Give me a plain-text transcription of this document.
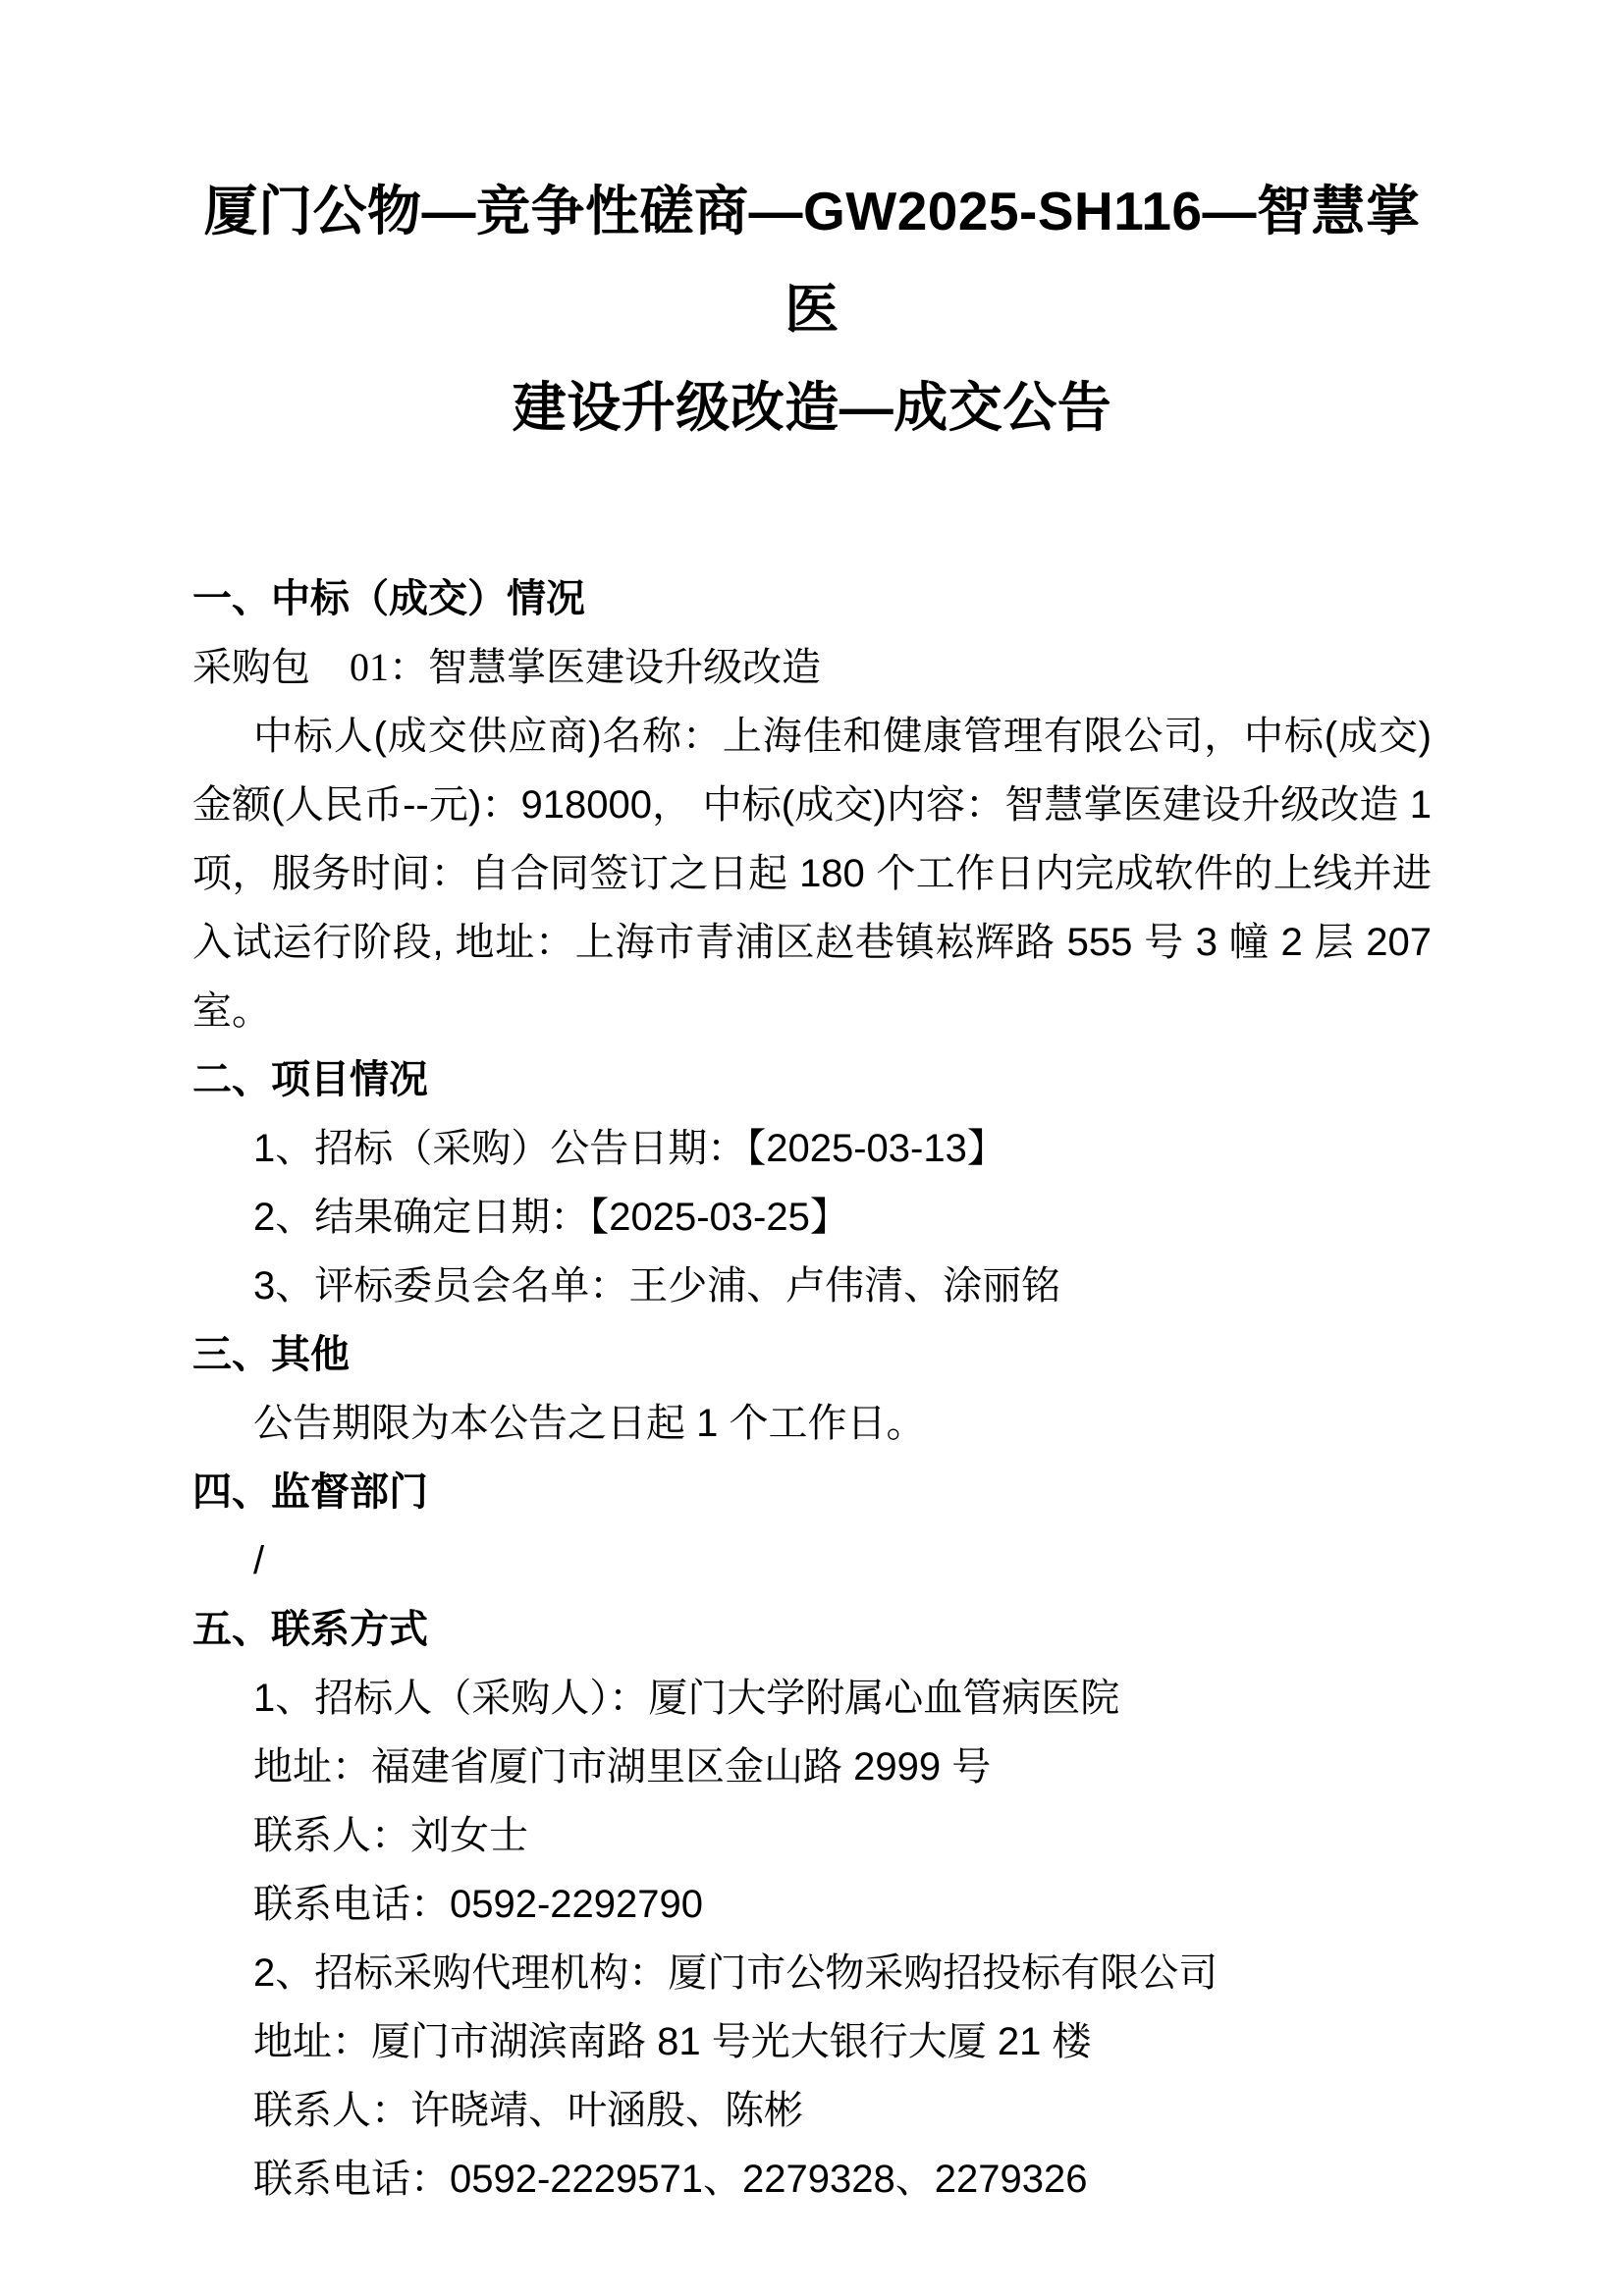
厦门公物—竞争性磋商—GW2025-SH116—智慧掌医
建设升级改造—成交公告
一、中标（成交）情况

采购包　01：智慧掌医建设升级改造

中标人(成交供应商)名称：上海佳和健康管理有限公司，中标(成交)金额(人民币--元)：918000， 中标(成交)内容：智慧掌医建设升级改造 1 项，服务时间：自合同签订之日起 180 个工作日内完成软件的上线并进入试运行阶段, 地址：上海市青浦区赵巷镇崧辉路 555 号 3 幢 2 层 207 室。

二、项目情况

1、招标（采购）公告日期：【2025-03-13】

2、结果确定日期：【2025-03-25】

3、评标委员会名单：王少浦、卢伟清、涂丽铭

三、其他

公告期限为本公告之日起 1 个工作日。

四、监督部门

/

五、联系方式

1、招标人（采购人）：厦门大学附属心血管病医院

地址：福建省厦门市湖里区金山路 2999 号

联系人：刘女士

联系电话：0592-2292790

2、招标采购代理机构：厦门市公物采购招投标有限公司

地址：厦门市湖滨南路 81 号光大银行大厦 21 楼

联系人：许晓靖、叶涵殷、陈彬

联系电话：0592-2229571、2279328、2279326
